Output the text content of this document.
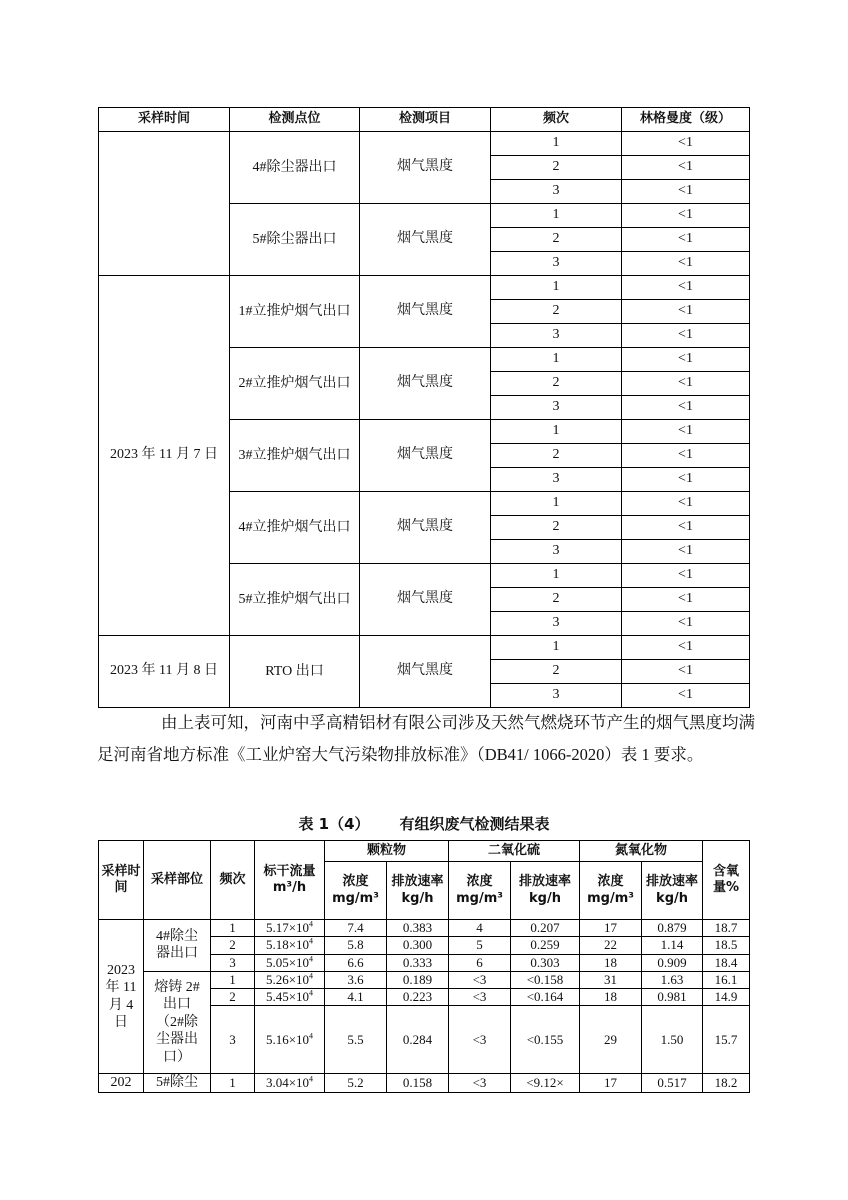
采样时间	检测点位	检测项目	频次	林格曼度（级）
	4#除尘器出口	烟气黑度	1	<1
			2	<1
			3	<1
	5#除尘器出口	烟气黑度	1	<1
			2	<1
			3	<1
2023 年 11 月 7 日	1#立推炉烟气出口	烟气黑度	1	<1
			2	<1
			3	<1
	2#立推炉烟气出口	烟气黑度	1	<1
			2	<1
			3	<1
	3#立推炉烟气出口	烟气黑度	1	<1
			2	<1
			3	<1
	4#立推炉烟气出口	烟气黑度	1	<1
			2	<1
			3	<1
	5#立推炉烟气出口	烟气黑度	1	<1
			2	<1
			3	<1
2023 年 11 月 8 日	RTO 出口	烟气黑度	1	<1
			2	<1
			3	<1

由上表可知，河南中孚高精铝材有限公司涉及天然气燃烧环节产生的烟气黑度均满足河南省地方标准《工业炉窑大气污染物排放标准》（DB41/ 1066-2020）表 1 要求。

表 1（4） 有组织废气检测结果表
采样时间	采样部位	频次	标干流量 m³/h	颗粒物		二氧化硫		氮氧化物		含氧量%
				浓度 mg/m³	排放速率 kg/h	浓度 mg/m³	排放速率 kg/h	浓度 mg/m³	排放速率 kg/h	
2023 年 11 月 4 日	4#除尘器出口	1	$5.17\times 10^4$	7.4	0.383	4	0.207	17	0.879	18.7
		2	$5.18\times 10^4$	5.8	0.300	5	0.259	22	1.14	18.5
		3	$5.05\times 10^4$	6.6	0.333	6	0.303	18	0.909	18.4
	熔铸 2#出口（2#除尘器出口）	1	$5.26\times 10^4$	3.6	0.189	<3	<0.158	31	1.63	16.1
		2	$5.45\times 10^4$	4.1	0.223	<3	<0.164	18	0.981	14.9
		3	$5.16\times 10^4$	5.5	0.284	<3	<0.155	29	1.50	15.7
202	5#除尘	1	$3.04\times 10^4$	5.2	0.158	<3	<9.12×	17	0.517	18.2
